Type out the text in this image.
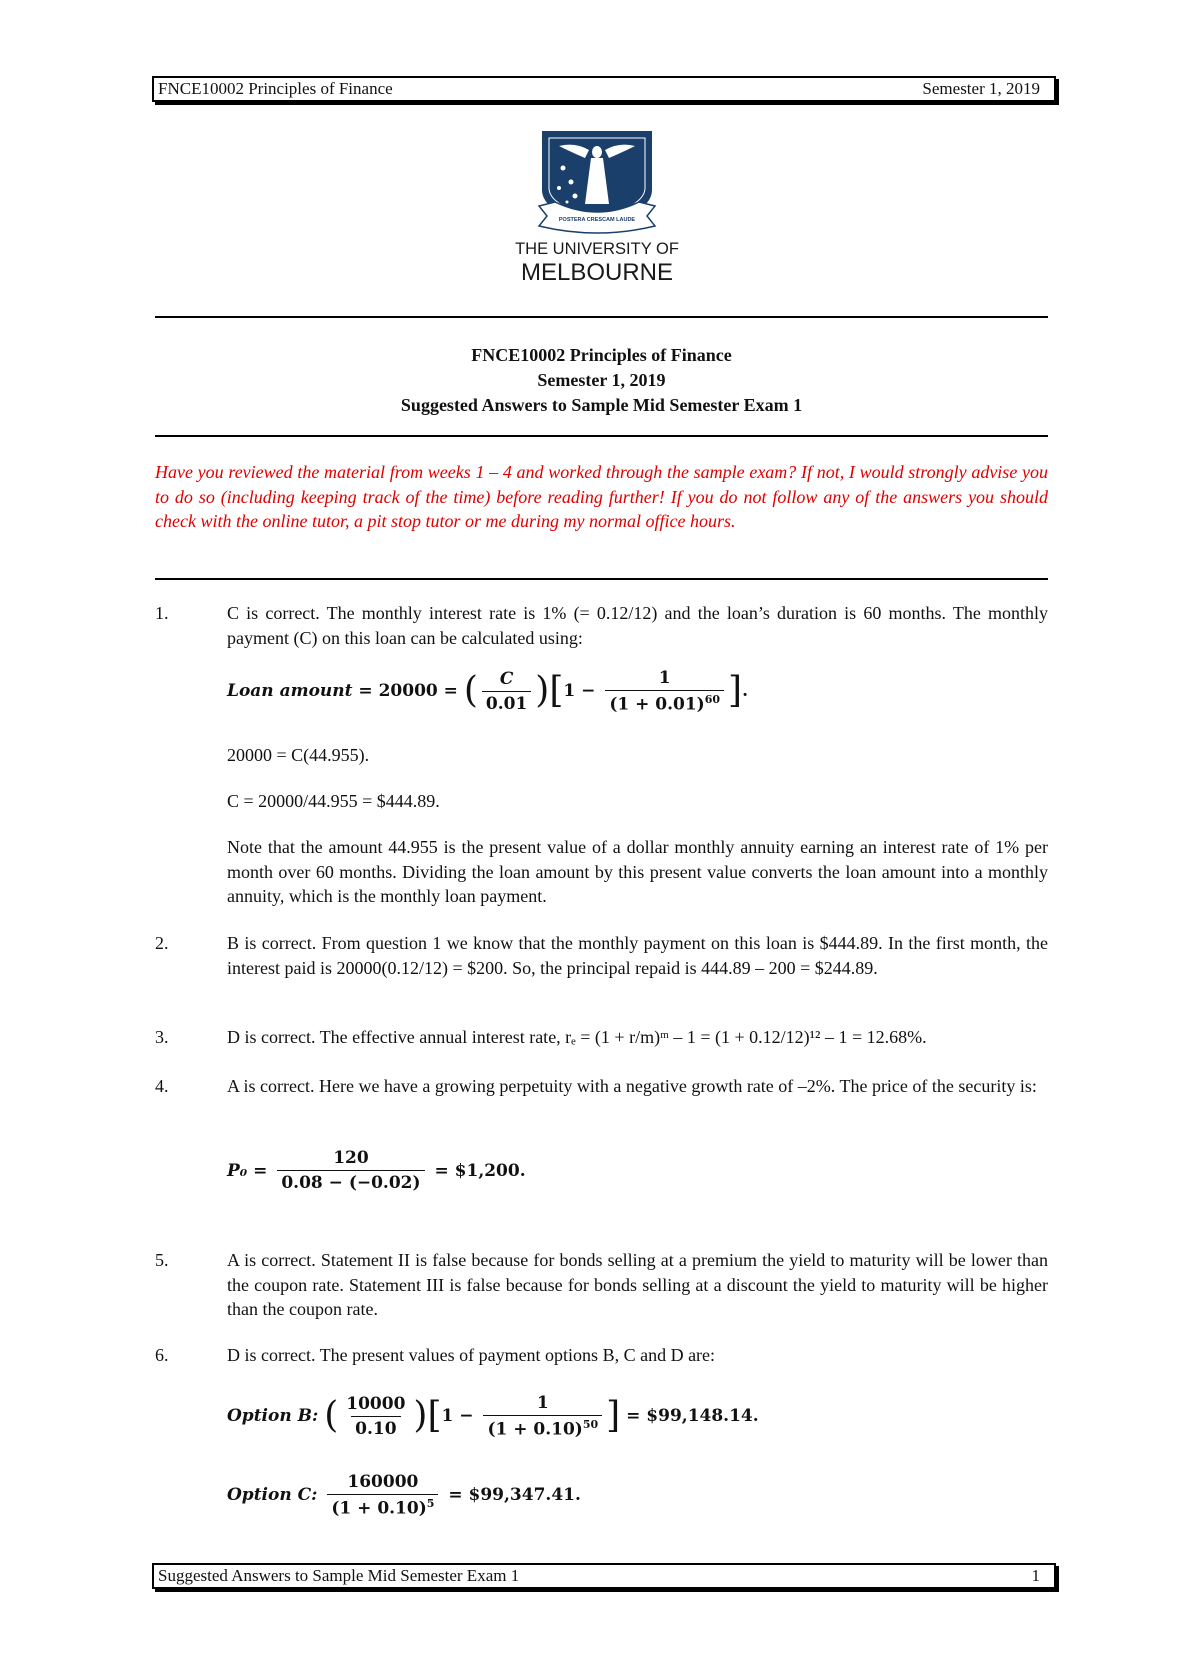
FNCE10002 Principles of Finance	Semester 1, 2019
POSTERA CRESCAM LAUDE
THE UNIVERSITY OF
MELBOURNE
FNCE10002 Principles of Finance
Semester 1, 2019
Suggested Answers to Sample Mid Semester Exam 1
Have you reviewed the material from weeks 1 – 4 and worked through the sample exam? If not, I would strongly advise you to do so (including keeping track of the time) before reading further! If you do not follow any of the answers you should check with the online tutor, a pit stop tutor or me during my normal office hours.
1.	C is correct. The monthly interest rate is 1% (= 0.12/12) and the loan’s duration is 60 months. The monthly payment (C) on this loan can be calculated using:
Loan amount = 20000 = ( $\frac{C}{0.01}$ ) [ $1 - \frac{1}{(1 + 0.01)^{60}}$ ] .
20000 = C(44.955).
C = 20000/44.955 = $444.89.
Note that the amount 44.955 is the present value of a dollar monthly annuity earning an interest rate of 1% per month over 60 months. Dividing the loan amount by this present value converts the loan amount into a monthly annuity, which is the monthly loan payment.
2.	B is correct. From question 1 we know that the monthly payment on this loan is $444.89. In the first month, the interest paid is 20000(0.12/12) = $200. So, the principal repaid is 444.89 – 200 = $244.89.
3.	D is correct. The effective annual interest rate, rₑ = (1 + r/m)ᵐ – 1 = (1 + 0.12/12)¹² – 1 = 12.68%.
4.	A is correct. Here we have a growing perpetuity with a negative growth rate of –2%. The price of the security is:
$P_0 = \frac{120}{0.08 - (-0.02)}$ = $1,200.
5.	A is correct. Statement II is false because for bonds selling at a premium the yield to maturity will be lower than the coupon rate. Statement III is false because for bonds selling at a discount the yield to maturity will be higher than the coupon rate.
6.	D is correct. The present values of payment options B, C and D are:
Option B:
( $\frac{10000}{0.10}$ ) [ $1 - \frac{1}{(1 + 0.10)^{50}}$ ] = $99,148.14.
Option C:
$\frac{160000}{(1 + 0.10)^5}$ = $99,347.41.
Suggested Answers to Sample Mid Semester Exam 1	1
